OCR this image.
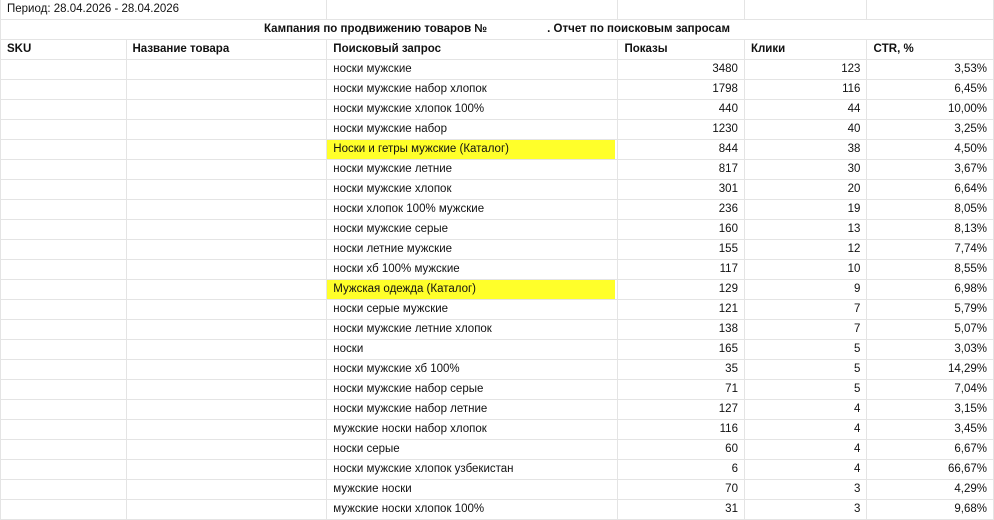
Период: 28.04.2026 - 28.04.2026					
Кампания по продвижению товаров № . Отчет по поисковым запросам					
SKU	Название товара	Поисковый запрос	Показы	Клики	CTR, %
		носки мужские	3480	123	3,53%
		носки мужские набор хлопок	1798	116	6,45%
		носки мужские хлопок 100%	440	44	10,00%
		носки мужские набор	1230	40	3,25%

		Носки и гетры мужские (Каталог)	844	38	4,50%
		носки мужские летние	817	30	3,67%
		носки мужские хлопок	301	20	6,64%
		носки хлопок 100% мужские	236	19	8,05%
		носки мужские серые	160	13	8,13%
		носки летние мужские	155	12	7,74%
		носки хб 100% мужские	117	10	8,55%

		Мужская одежда (Каталог)	129	9	6,98%
		носки серые мужские	121	7	5,79%
		носки мужские летние хлопок	138	7	5,07%
		носки	165	5	3,03%
		носки мужские хб 100%	35	5	14,29%
		носки мужские набор серые	71	5	7,04%
		носки мужские набор летние	127	4	3,15%
		мужские носки набор хлопок	116	4	3,45%
		носки серые	60	4	6,67%
		носки мужские хлопок узбекистан	6	4	66,67%
		мужские носки	70	3	4,29%
		мужские носки хлопок 100%	31	3	9,68%
